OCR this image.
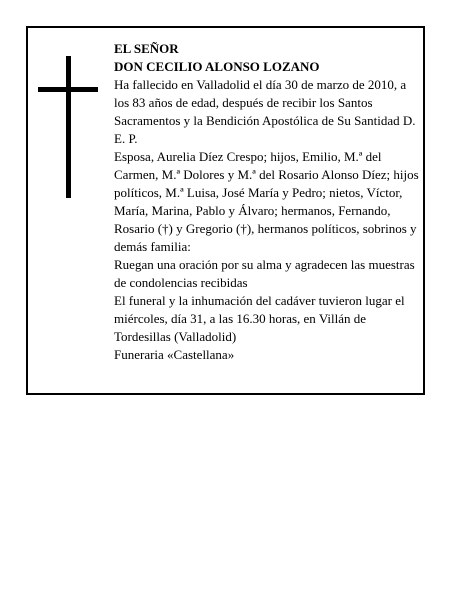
EL SEÑOR

DON CECILIO ALONSO LOZANO

Ha fallecido en Valladolid el día 30 de marzo de 2010, a los 83 años de edad, después de recibir los Santos Sacramentos y la Bendición Apostólica de Su Santidad D. E. P.

Esposa, Aurelia Díez Crespo; hijos, Emilio, M.ª del Carmen, M.ª Dolores y M.ª del Rosario Alonso Díez; hijos políticos, M.ª Luisa, José María y Pedro; nietos, Víctor, María, Marina, Pablo y Álvaro; hermanos, Fernando, Rosario (†) y Gregorio (†), hermanos políticos, sobrinos y demás familia:

Ruegan una oración por su alma y agradecen las muestras de condolencias recibidas

El funeral y la inhumación del cadáver tuvieron lugar el miércoles, día 31, a las 16.30 horas, en Villán de Tordesillas (Valladolid)

Funeraria «Castellana»
